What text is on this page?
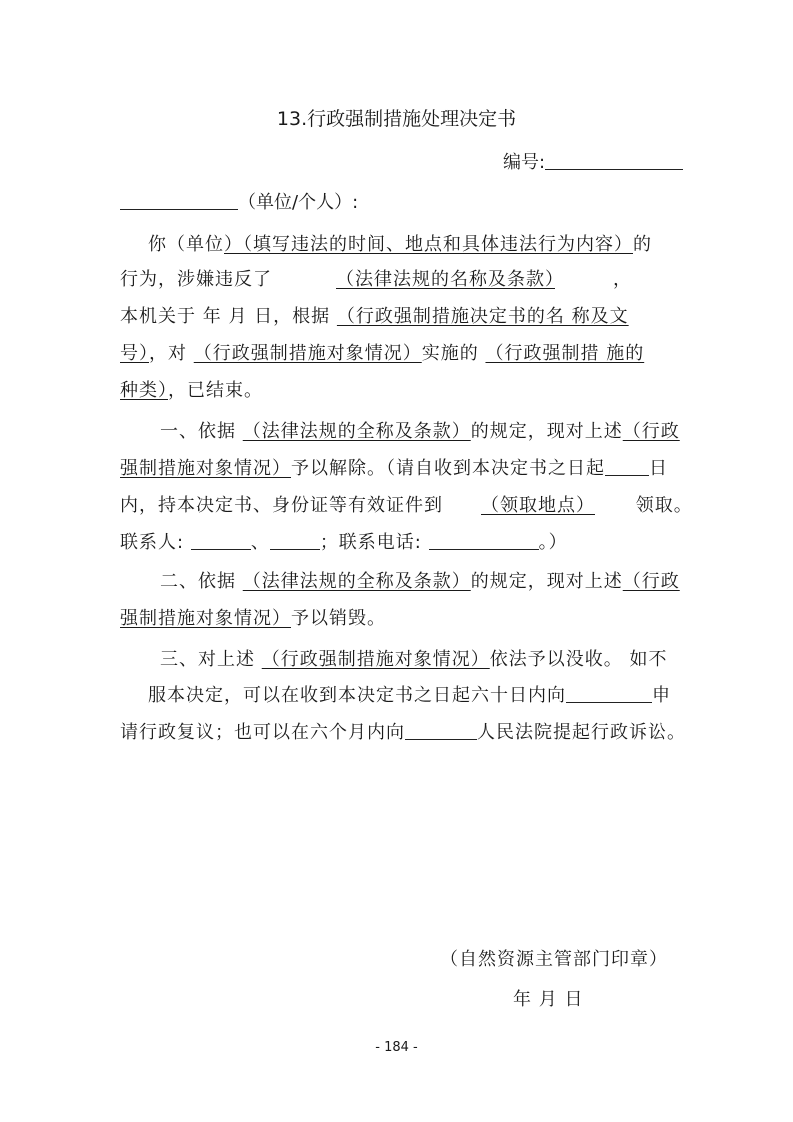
13.行政强制措施处理决定书
编号:
（单位/个人）:
你（单位）（填写违法的时间、地点和具体违法行为内容）的
行为，涉嫌违反了	（法律法规的名称及条款）	，
本机关于 年 月 日，根据 （行政强制措施决定书的名 称及文
号），对 （行政强制措施对象情况）实施的 （行政强制措 施的
种类），已结束。
一、依据 （法律法规的全称及条款）的规定，现对上述（行政
强制措施对象情况）予以解除。（请自收到本决定书之日起 日
内，持本决定书、身份证等有效证件到 （领取地点） 领取。
联系人:	、	；联系电话:	。）
二、依据 （法律法规的全称及条款）的规定，现对上述（行政
强制措施对象情况）予以销毁。
三、对上述 （行政强制措施对象情况）依法予以没收。 如不
服本决定，可以在收到本决定书之日起六十日内向	申
请行政复议；也可以在六个月内向	人民法院提起行政诉讼。
（自然资源主管部门印章）
年 月 日
- 184 -
